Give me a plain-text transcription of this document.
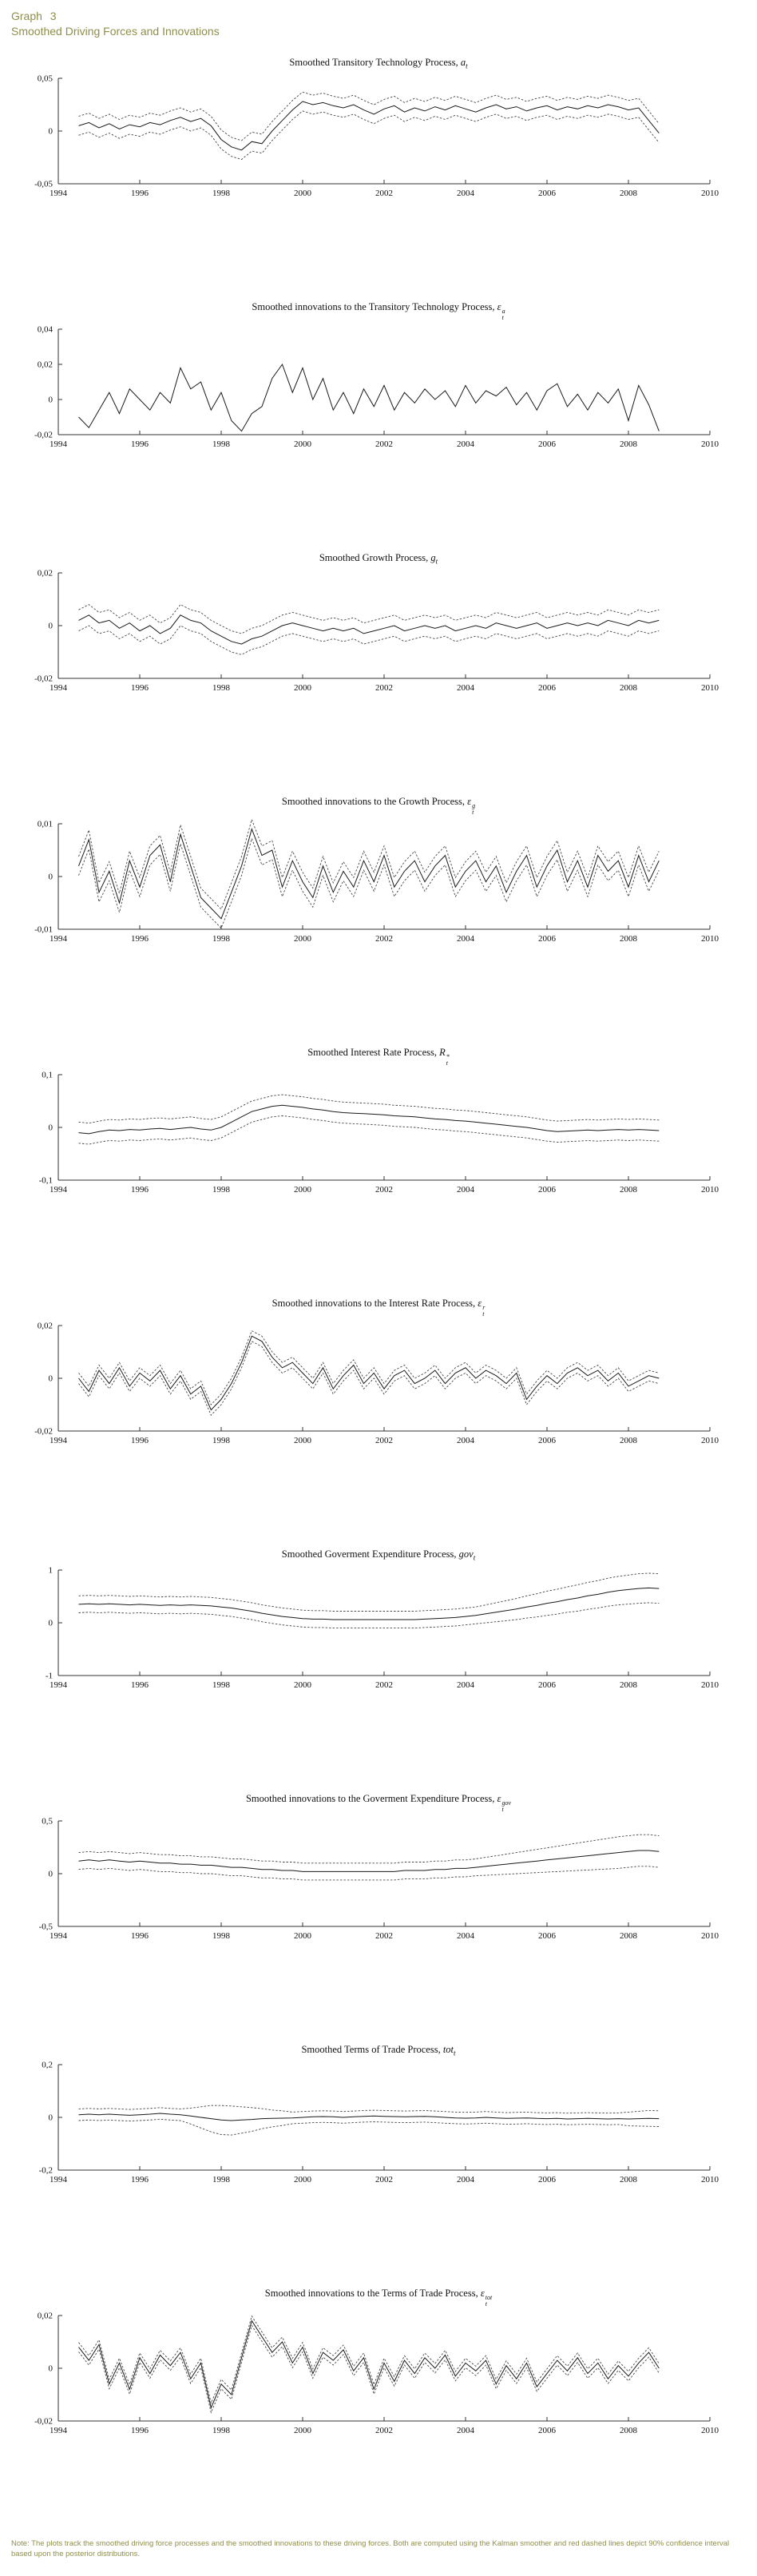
Graph 3
Smoothed Driving Forces and Innovations
Smoothed Transitory Technology Process, $a_t$
0,05
0
-0,05
1994	1996	1998	2000	2002	2004	2006	2008	2010
Smoothed innovations to the Transitory Technology Process, ε a
t
0,04
0,02
0
-0,02
1994	1996	1998	2000	2002	2004	2006	2008	2010
Smoothed Growth Process, $g_t$
0,02
0
-0,02
1994	1996	1998	2000	2002	2004	2006	2008	2010
Smoothed innovations to the Growth Process, ε g
t
0,01
0
-0,01
1994	1996	1998	2000	2002	2004	2006	2008	2010
Smoothed Interest Rate Process, R *
t
0,1
0
-0,1
1994	1996	1998	2000	2002	2004	2006	2008	2010
Smoothed innovations to the Interest Rate Process, ε r
t
0,02
0
-0,02
1994	1996	1998	2000	2002	2004	2006	2008	2010
Smoothed Goverment Expenditure Process, gov$_t$
1
0
-1
1994	1996	1998	2000	2002	2004	2006	2008	2010
Smoothed innovations to the Goverment Expenditure Process, ε gov
t
0,5
0
-0,5
1994	1996	1998	2000	2002	2004	2006	2008	2010
Smoothed Terms of Trade Process, tot$_t$
0,2
0
-0,2
1994	1996	1998	2000	2002	2004	2006	2008	2010
Smoothed innovations to the Terms of Trade Process, ε tot
t
0,02
0
-0,02
1994	1996	1998	2000	2002	2004	2006	2008	2010
Note: The plots track the smoothed driving force processes and the smoothed innovations to these driving forces. Both are computed using the Kalman smoother and red dashed lines depict 90% confidence interval based upon the posterior distributions.
